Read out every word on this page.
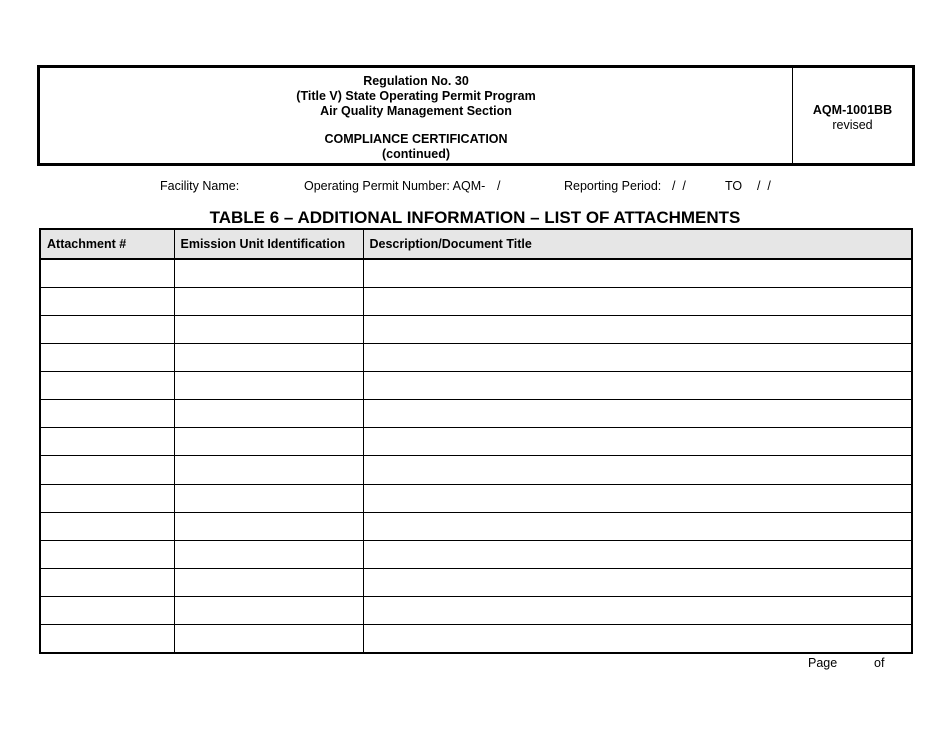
Regulation No. 30
(Title V) State Operating Permit Program
Air Quality Management Section
COMPLIANCE CERTIFICATION
(continued)
AQM-1001BB
revised
Facility Name:	Operating Permit Number: AQM- /	Reporting Period: /  /	TO /  /
TABLE 6 – ADDITIONAL INFORMATION – LIST OF ATTACHMENTS
Attachment #	Emission Unit Identification	Description/Document Title

Page	of
